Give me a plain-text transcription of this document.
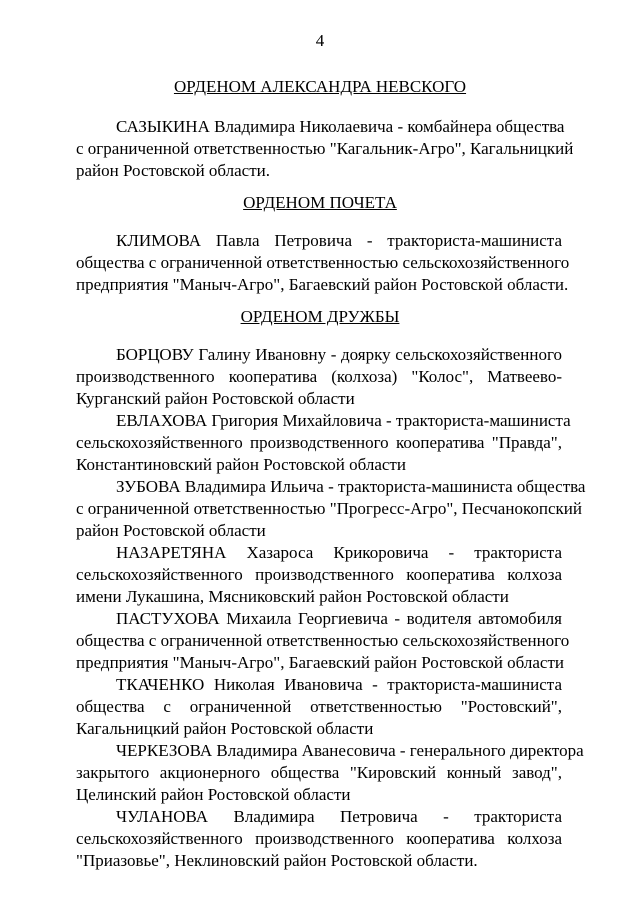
4
ОРДЕНОМ АЛЕКСАНДРА НЕВСКОГО
САЗЫКИНА Владимира Николаевича - комбайнера общества
с ограниченной ответственностью "Кагальник-Агро", Кагальницкий
район Ростовской области.
ОРДЕНОМ ПОЧЕТА
КЛИМОВА Павла Петровича - тракториста-машиниста
общества с ограниченной ответственностью сельскохозяйственного
предприятия "Маныч-Агро", Багаевский район Ростовской области.
ОРДЕНОМ ДРУЖБЫ
БОРЦОВУ Галину Ивановну - доярку сельскохозяйственного
производственного кооператива (колхоза) "Колос", Матвеево-
Курганский район Ростовской области
ЕВЛАХОВА Григория Михайловича - тракториста-машиниста
сельскохозяйственного производственного кооператива "Правда",
Константиновский район Ростовской области
ЗУБОВА Владимира Ильича - тракториста-машиниста общества
с ограниченной ответственностью "Прогресс-Агро", Песчанокопский
район Ростовской области
НАЗАРЕТЯНА Хазароса Крикоровича - тракториста
сельскохозяйственного производственного кооператива колхоза
имени Лукашина, Мясниковский район Ростовской области
ПАСТУХОВА Михаила Георгиевича - водителя автомобиля
общества с ограниченной ответственностью сельскохозяйственного
предприятия "Маныч-Агро", Багаевский район Ростовской области
ТКАЧЕНКО Николая Ивановича - тракториста-машиниста
общества с ограниченной ответственностью "Ростовский",
Кагальницкий район Ростовской области
ЧЕРКЕЗОВА Владимира Аванесовича - генерального директора
закрытого акционерного общества "Кировский конный завод",
Целинский район Ростовской области
ЧУЛАНОВА Владимира Петровича - тракториста
сельскохозяйственного производственного кооператива колхоза
"Приазовье", Неклиновский район Ростовской области.
